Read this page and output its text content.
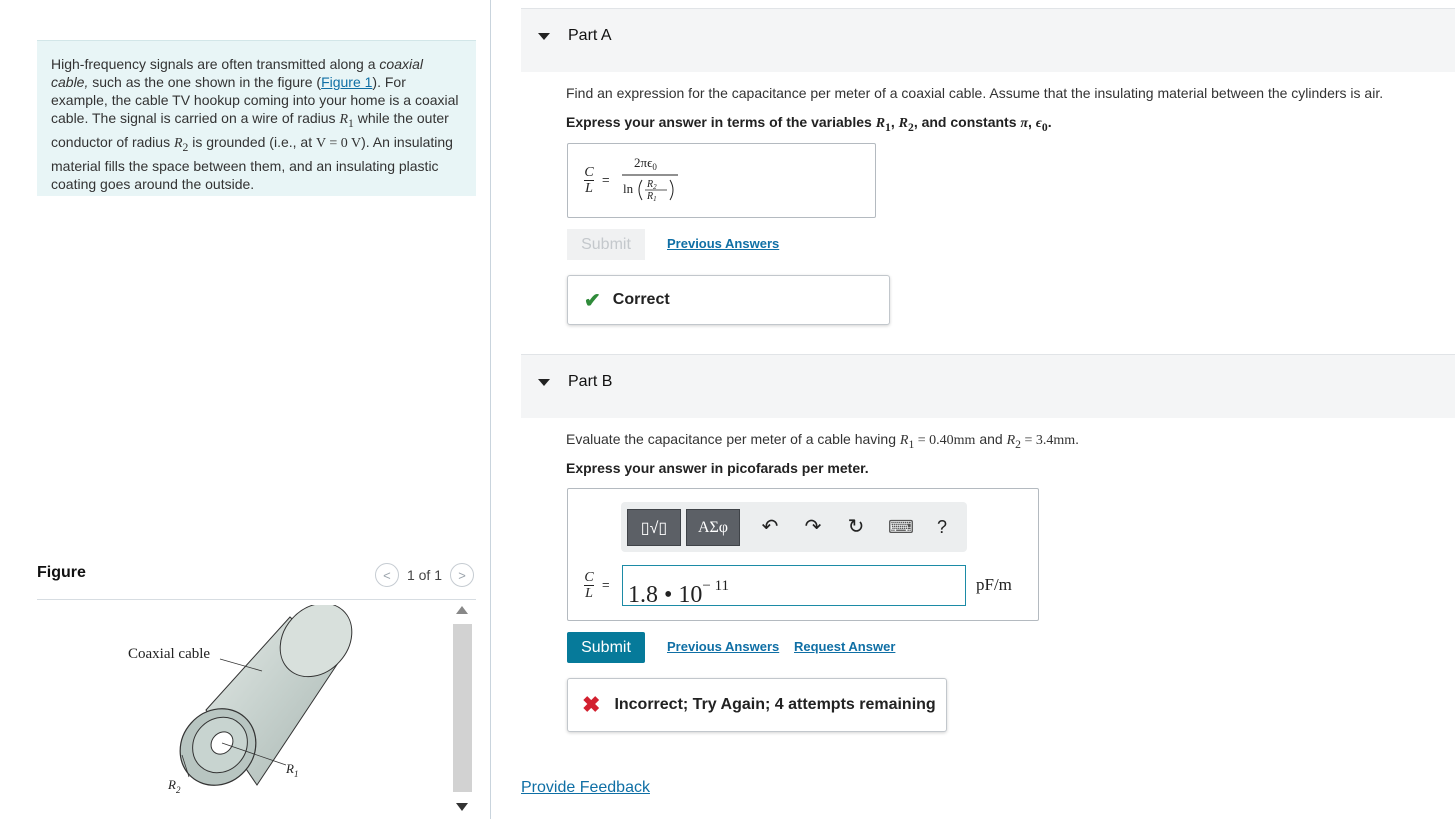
High-frequency signals are often transmitted along a coaxial cable, such as the one shown in the figure (Figure 1). For example, the cable TV hookup coming into your home is a coaxial cable. The signal is carried on a wire of radius $R_1$ while the outer conductor of radius $R_2$ is grounded (i.e., at V = 0 V). An insulating material fills the space between them, and an insulating plastic coating goes around the outside.
Figure	<	1 of 1	>
Coaxial cable
$R_1$
$R_2$
Part A
Find an expression for the capacitance per meter of a coaxial cable. Assume that the insulating material between the cylinders is air.
Express your answer in terms of the variables $R_1$, $R_2$, and constants π, $\epsilon_0$.
C
L
=
$2\pi\epsilon_0$
$\ln R_2$
$R_1$
Submit	Previous Answers
✔ Correct
Part B
Evaluate the capacitance per meter of a cable having $R_1 = 0.40mm$ and $R_2 = 3.4mm$.
Express your answer in picofarads per meter.
▯√▯	ΑΣφ	↶ ↷ ↻ ⌨	?
C
L
= 1.8 • $10^{- 11}$	pF/m
Submit	Previous Answers Request Answer
✖ Incorrect; Try Again; 4 attempts remaining
Provide Feedback
